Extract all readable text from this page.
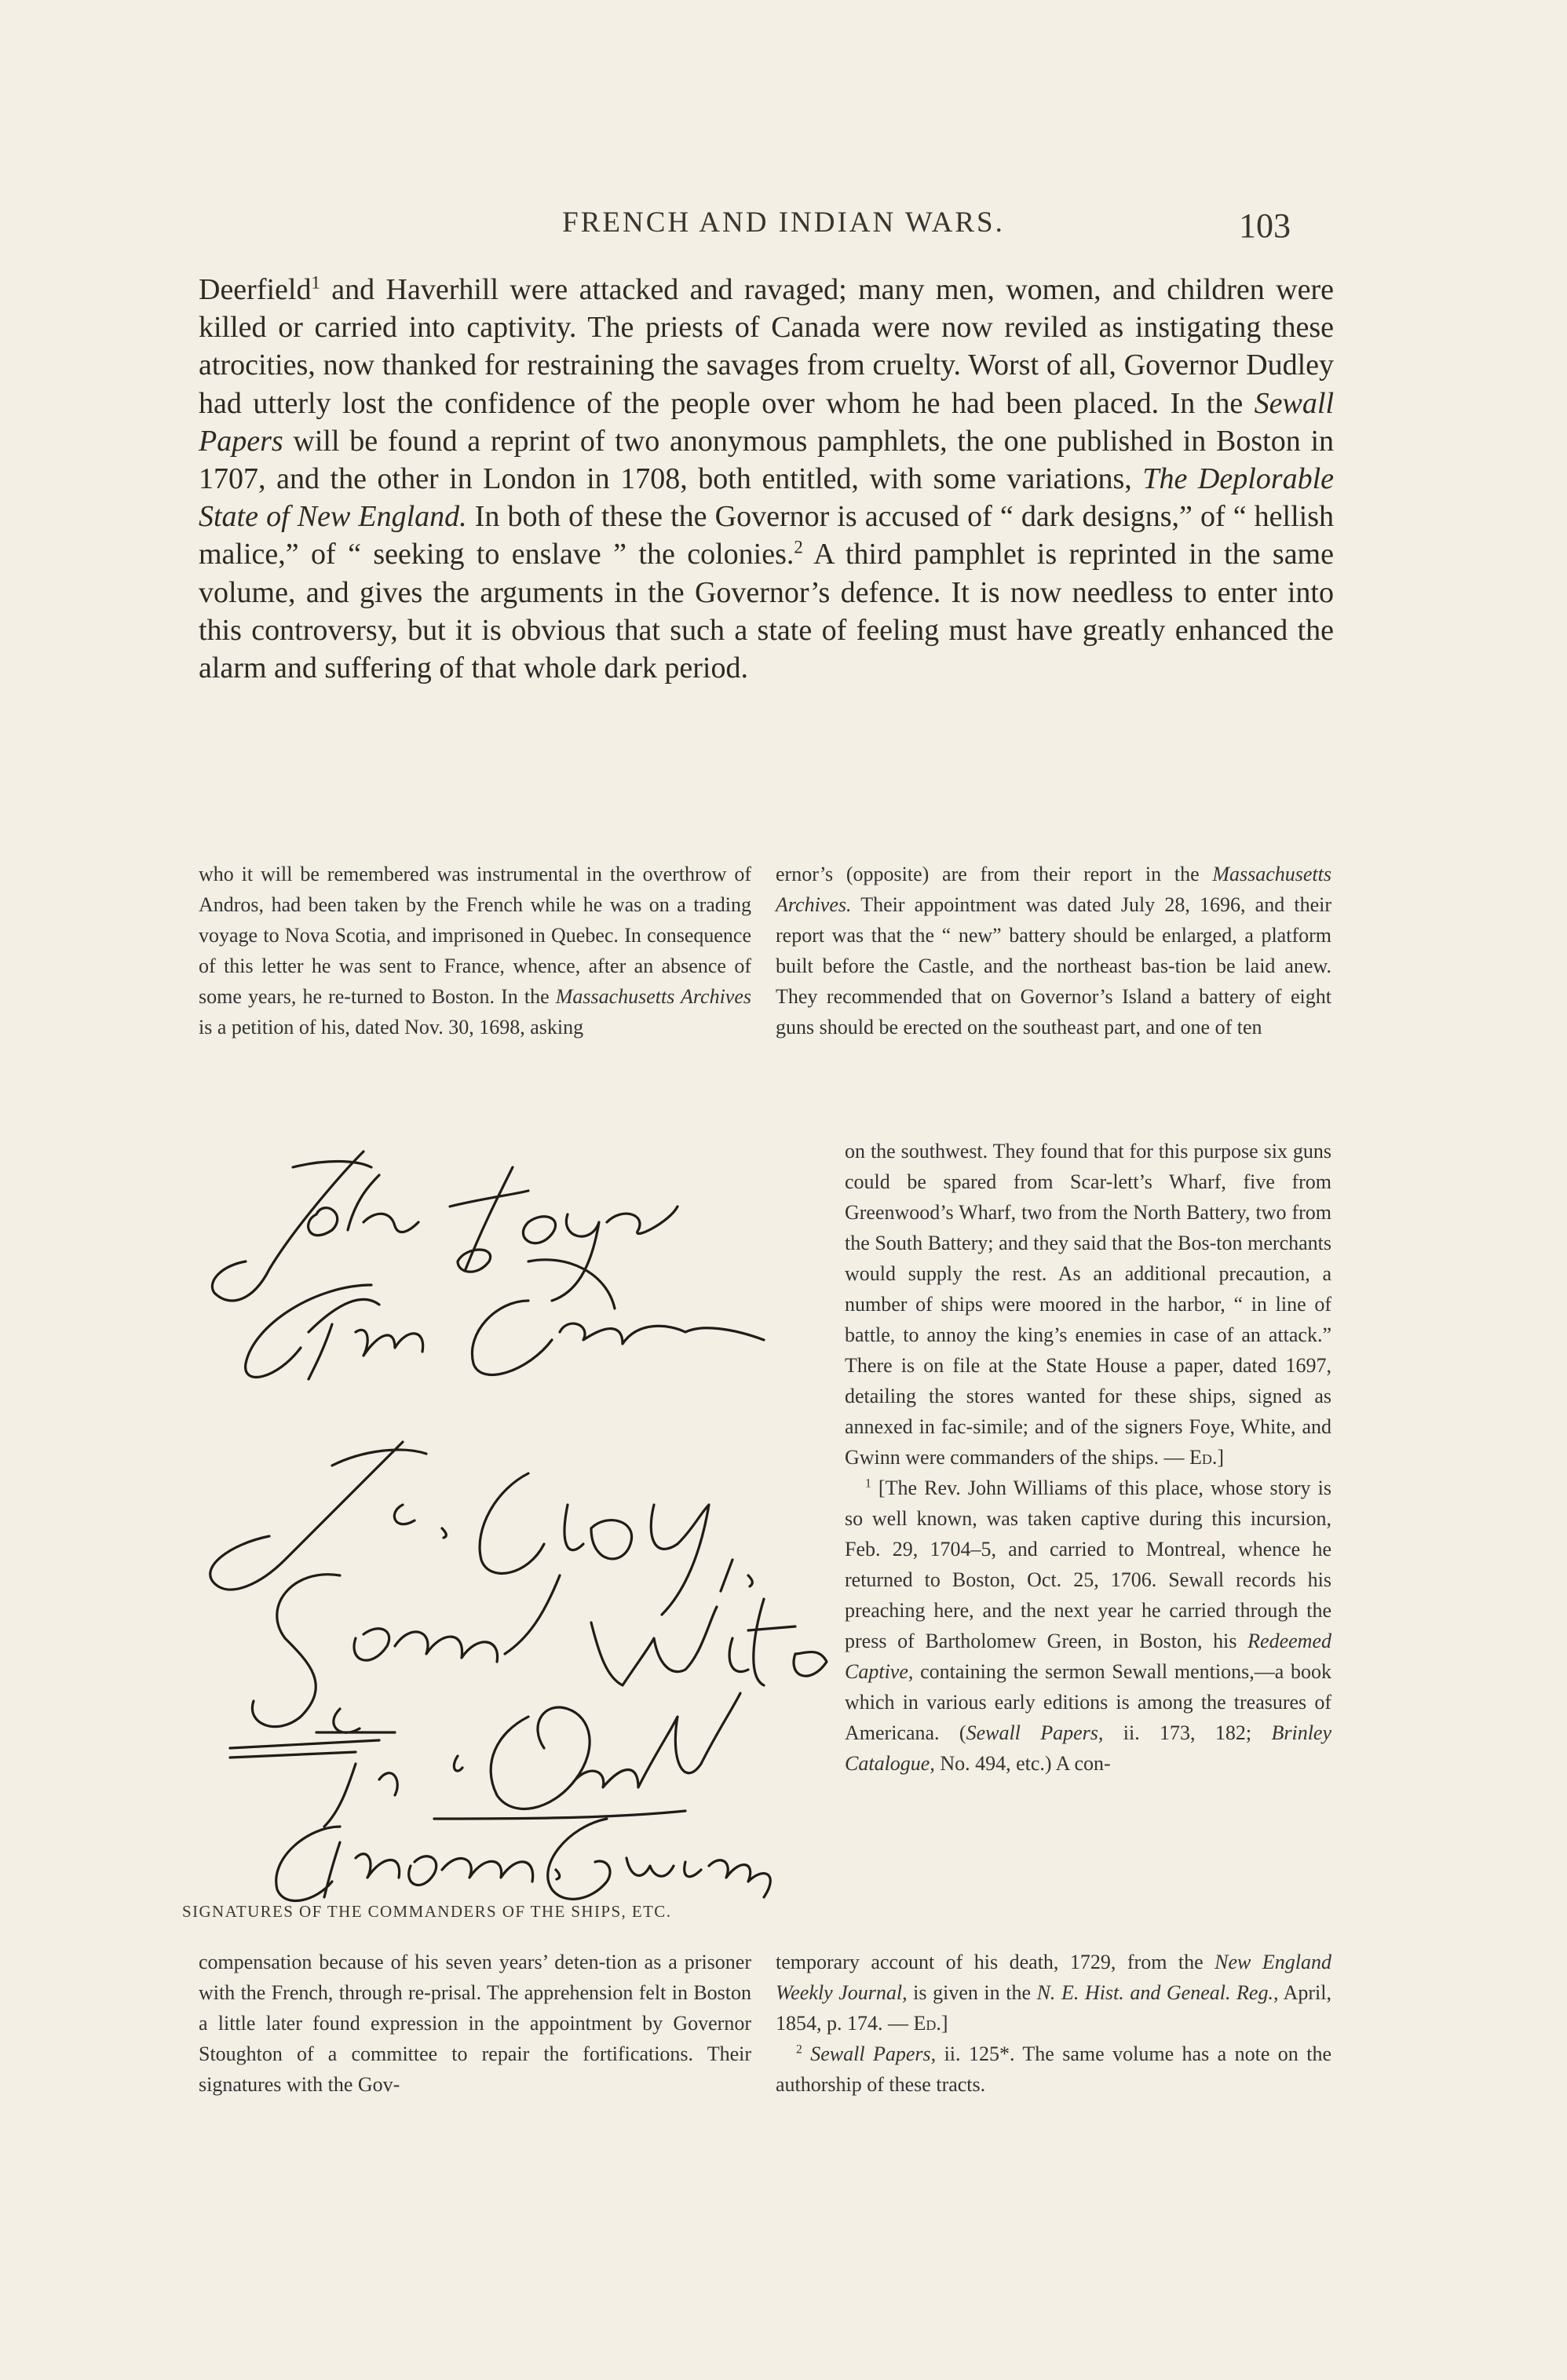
FRENCH AND INDIAN WARS.	103

Deerfield$^1$ and Haverhill were attacked and ravaged; many men, women, and children were killed or carried into captivity. The priests of Canada were now reviled as instigating these atrocities, now thanked for restraining the savages from cruelty. Worst of all, Governor Dudley had utterly lost the confidence of the people over whom he had been placed. In the Sewall Papers will be found a reprint of two anonymous pamphlets, the one published in Boston in 1707, and the other in London in 1708, both entitled, with some variations, The Deplorable State of New England. In both of these the Governor is accused of “ dark designs,” of “ hellish malice,” of “ seeking to enslave ” the colonies.$^2$ A third pamphlet is reprinted in the same volume, and gives the arguments in the Governor’s defence. It is now needless to enter into this controversy, but it is obvious that such a state of feeling must have greatly enhanced the alarm and suffering of that whole dark period.

who it will be remembered was instrumental in the overthrow of Andros, had been taken by the French while he was on a trading voyage to Nova Scotia, and imprisoned in Quebec. In consequence of this letter he was sent to France, whence, after an absence of some years, he re-turned to Boston. In the Massachusetts Archives is a petition of his, dated Nov. 30, 1698, asking

ernor’s (opposite) are from their report in the Massachusetts Archives. Their appointment was dated July 28, 1696, and their report was that the “ new” battery should be enlarged, a platform built before the Castle, and the northeast bas-tion be laid anew. They recommended that on Governor’s Island a battery of eight guns should be erected on the southeast part, and one of ten

on the southwest. They found that for this purpose six guns could be spared from Scar-lett’s Wharf, five from Greenwood’s Wharf, two from the North Battery, two from the South Battery; and they said that the Bos-ton merchants would supply the rest. As an additional precaution, a number of ships were moored in the harbor, “ in line of battle, to annoy the king’s enemies in case of an attack.” There is on file at the State House a paper, dated 1697, detailing the stores wanted for these ships, signed as annexed in fac-simile; and of the signers Foye, White, and Gwinn were commanders of the ships. — Ed.]

$^1$ [The Rev. John Williams of this place, whose story is so well known, was taken captive during this incursion, Feb. 29, 1704–5, and carried to Montreal, whence he returned to Boston, Oct. 25, 1706. Sewall records his preaching here, and the next year he carried through the press of Bartholomew Green, in Boston, his Redeemed Captive, containing the sermon Sewall mentions,—a book which in various early editions is among the treasures of Americana. (Sewall Papers, ii. 173, 182; Brinley Catalogue, No. 494, etc.) A con-

SIGNATURES OF THE COMMANDERS OF THE SHIPS, ETC.

compensation because of his seven years’ deten-tion as a prisoner with the French, through re-prisal. The apprehension felt in Boston a little later found expression in the appointment by Governor Stoughton of a committee to repair the fortifications. Their signatures with the Gov-

temporary account of his death, 1729, from the New England Weekly Journal, is given in the N. E. Hist. and Geneal. Reg., April, 1854, p. 174. — Ed.]

$^2$ Sewall Papers, ii. 125*. The same volume has a note on the authorship of these tracts.
